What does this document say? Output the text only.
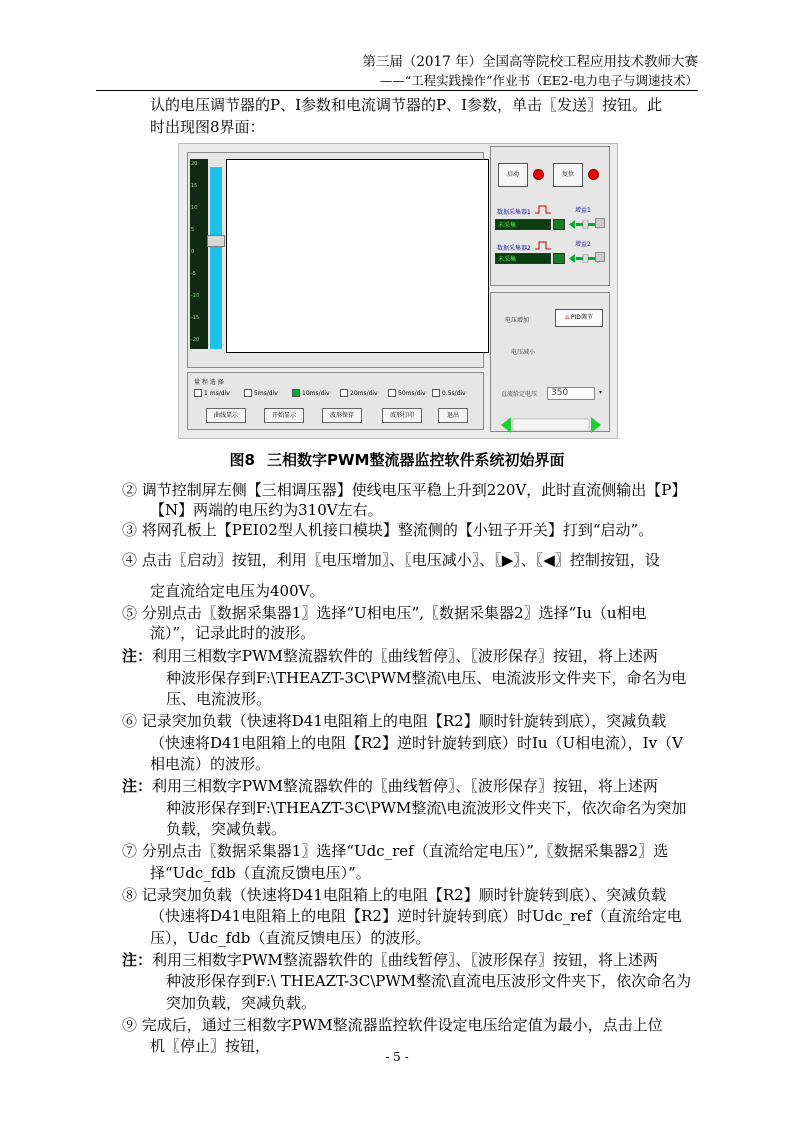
第三届（2017 年）全国高等院校工程应用技术教师大赛
——“工程实践操作”作业书（EE2-电力电子与调速技术）
认的电压调节器的P、I参数和电流调节器的P、I参数，单击〖发送〗按钮。此
时出现图8界面：
20
15
10
5
0
-5
-10
-15
-20
量 程 选 择
1 ms/div	5ms/div	10ms/div	20ms/div	50ms/div	0.5s/div
曲线显示	开始显示	波形保存	波形打印	退出
启动	复位
数据采集器1	增益1
未采集
数据采集器2
增益2
未采集
电压增加	⌂ PID调节
电压减小
直流给定电压	350	▾
图8 三相数字PWM整流器监控软件系统初始界面
② 调节控制屏左侧【三相调压器】使线电压平稳上升到220V，此时直流侧输出【P】
【N】两端的电压约为310V左右。
③ 将网孔板上【PEI02型人机接口模块】整流侧的【小钮子开关】打到“启动”。
④ 点击〖启动〗按钮，利用〖电压增加〗、〖电压减小〗、〖▶〗、〖◀〗控制按钮，设
定直流给定电压为400V。
⑤ 分别点击〖数据采集器1〗选择“U相电压”,〖数据采集器2〗选择“Iu（u相电
流）”，记录此时的波形。
注：利用三相数字PWM整流器软件的〖曲线暂停〗、〖波形保存〗按钮，将上述两
种波形保存到F:\THEAZT-3C\PWM整流\电压、电流波形文件夹下，命名为电
压、电流波形。
⑥ 记录突加负载（快速将D41电阻箱上的电阻【R2】顺时针旋转到底），突减负载
（快速将D41电阻箱上的电阻【R2】逆时针旋转到底）时Iu（U相电流），Iv（V
相电流）的波形。
注：利用三相数字PWM整流器软件的〖曲线暂停〗、〖波形保存〗按钮，将上述两
种波形保存到F:\THEAZT-3C\PWM整流\电流波形文件夹下，依次命名为突加
负载，突减负载。
⑦ 分别点击〖数据采集器1〗选择“Udc_ref（直流给定电压）”,〖数据采集器2〗选
择“Udc_fdb（直流反馈电压）”。
⑧ 记录突加负载（快速将D41电阻箱上的电阻【R2】顺时针旋转到底）、突减负载
（快速将D41电阻箱上的电阻【R2】逆时针旋转到底）时Udc_ref（直流给定电
压），Udc_fdb（直流反馈电压）的波形。
注：利用三相数字PWM整流器软件的〖曲线暂停〗、〖波形保存〗按钮，将上述两
种波形保存到F:\ THEAZT-3C\PWM整流\直流电压波形文件夹下，依次命名为
突加负载，突减负载。
⑨ 完成后，通过三相数字PWM整流器监控软件设定电压给定值为最小，点击上位
机〖停止〗按钮，
- 5 -
